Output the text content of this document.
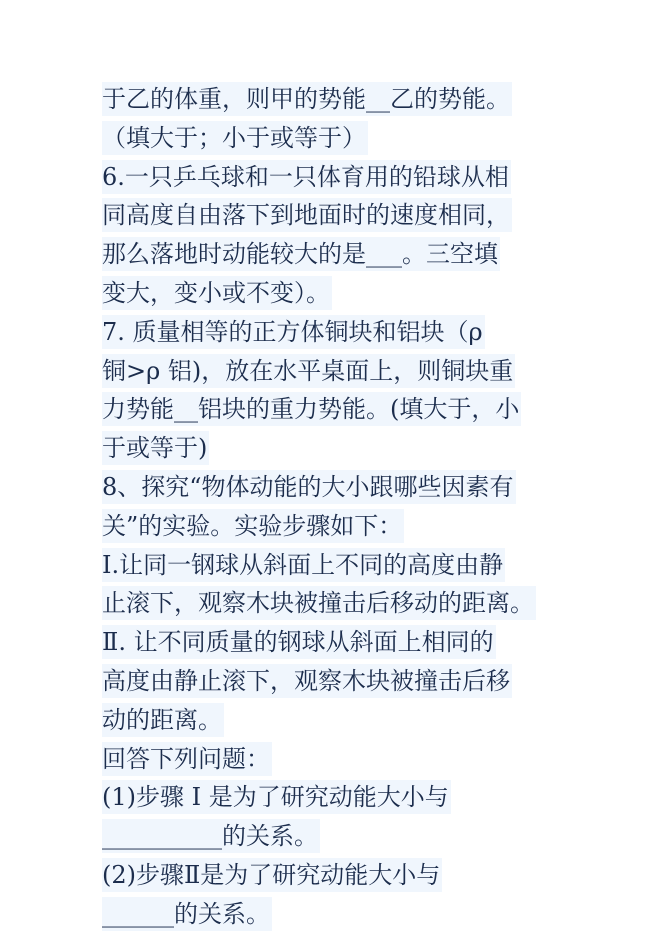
于乙的体重，则甲的势能__乙的势能。
（填大于；小于或等于）
6.一只乒乓球和一只体育用的铅球从相
同高度自由落下到地面时的速度相同，
那么落地时动能较大的是___。三空填
变大，变小或不变）。
7. 质量相等的正方体铜块和铝块（ρ
铜>ρ 铝)，放在水平桌面上，则铜块重
力势能__铝块的重力势能。(填大于，小
于或等于)
8、探究“物体动能的大小跟哪些因素有
关”的实验。实验步骤如下：
I.让同一钢球从斜面上不同的高度由静
止滚下，观察木块被撞击后移动的距离。
Ⅱ. 让不同质量的钢球从斜面上相同的
高度由静止滚下，观察木块被撞击后移
动的距离。
回答下列问题：
(1)步骤 I 是为了研究动能大小与
__________的关系。
(2)步骤Ⅱ是为了研究动能大小与
______的关系。
